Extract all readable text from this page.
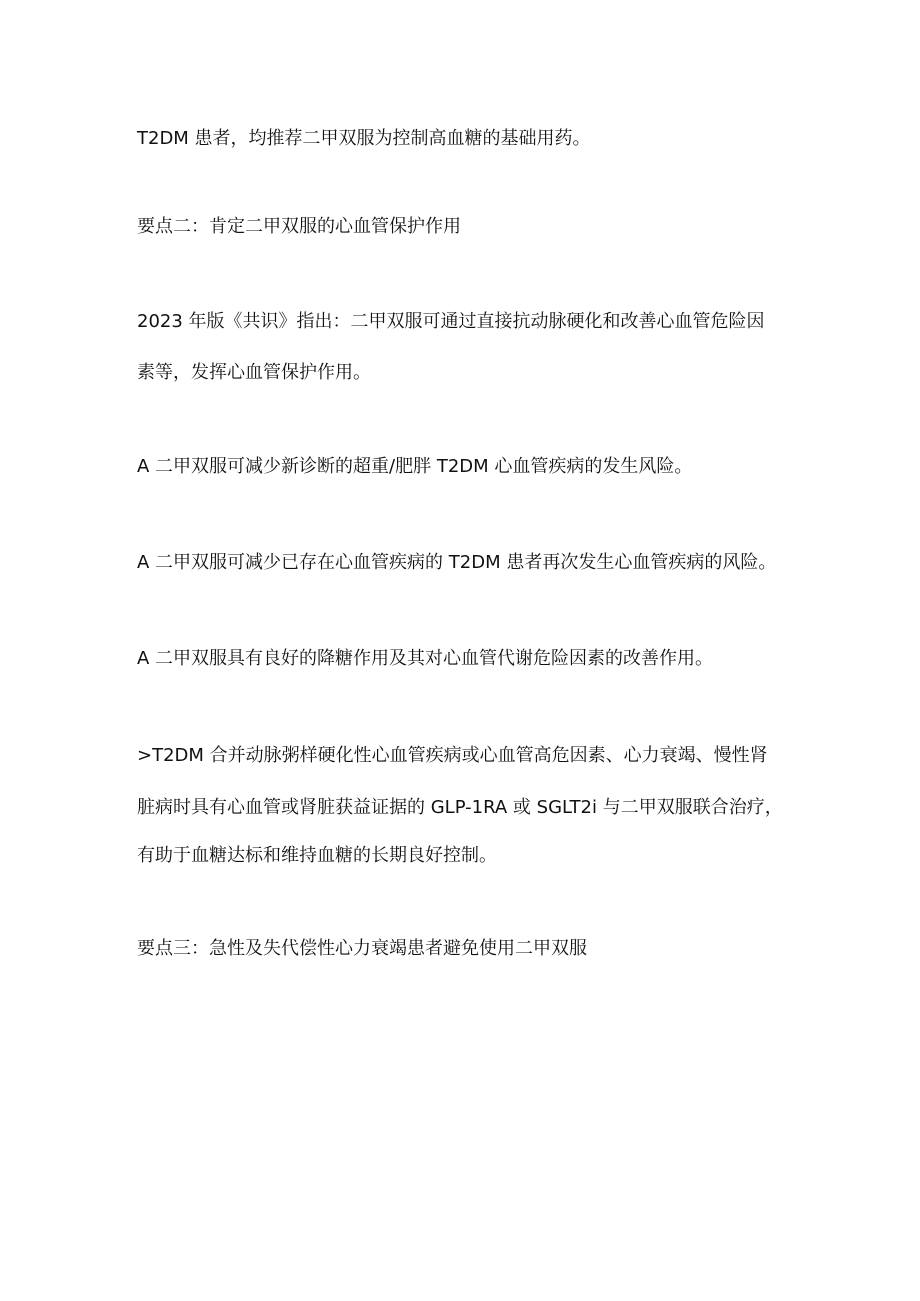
T2DM 患者，均推荐二甲双服为控制高血糖的基础用药。

要点二：肯定二甲双服的心血管保护作用

2023 年版《共识》指出：二甲双服可通过直接抗动脉硬化和改善心血管危险因

素等，发挥心血管保护作用。

A 二甲双服可减少新诊断的超重/肥胖 T2DM 心血管疾病的发生风险。

A 二甲双服可减少已存在心血管疾病的 T2DM 患者再次发生心血管疾病的风险。

A 二甲双服具有良好的降糖作用及其对心血管代谢危险因素的改善作用。

>T2DM 合并动脉粥样硬化性心血管疾病或心血管高危因素、心力衰竭、慢性肾

脏病时具有心血管或肾脏获益证据的 GLP-1RA 或 SGLT2i 与二甲双服联合治疗，

有助于血糖达标和维持血糖的长期良好控制。

要点三：急性及失代偿性心力衰竭患者避免使用二甲双服
